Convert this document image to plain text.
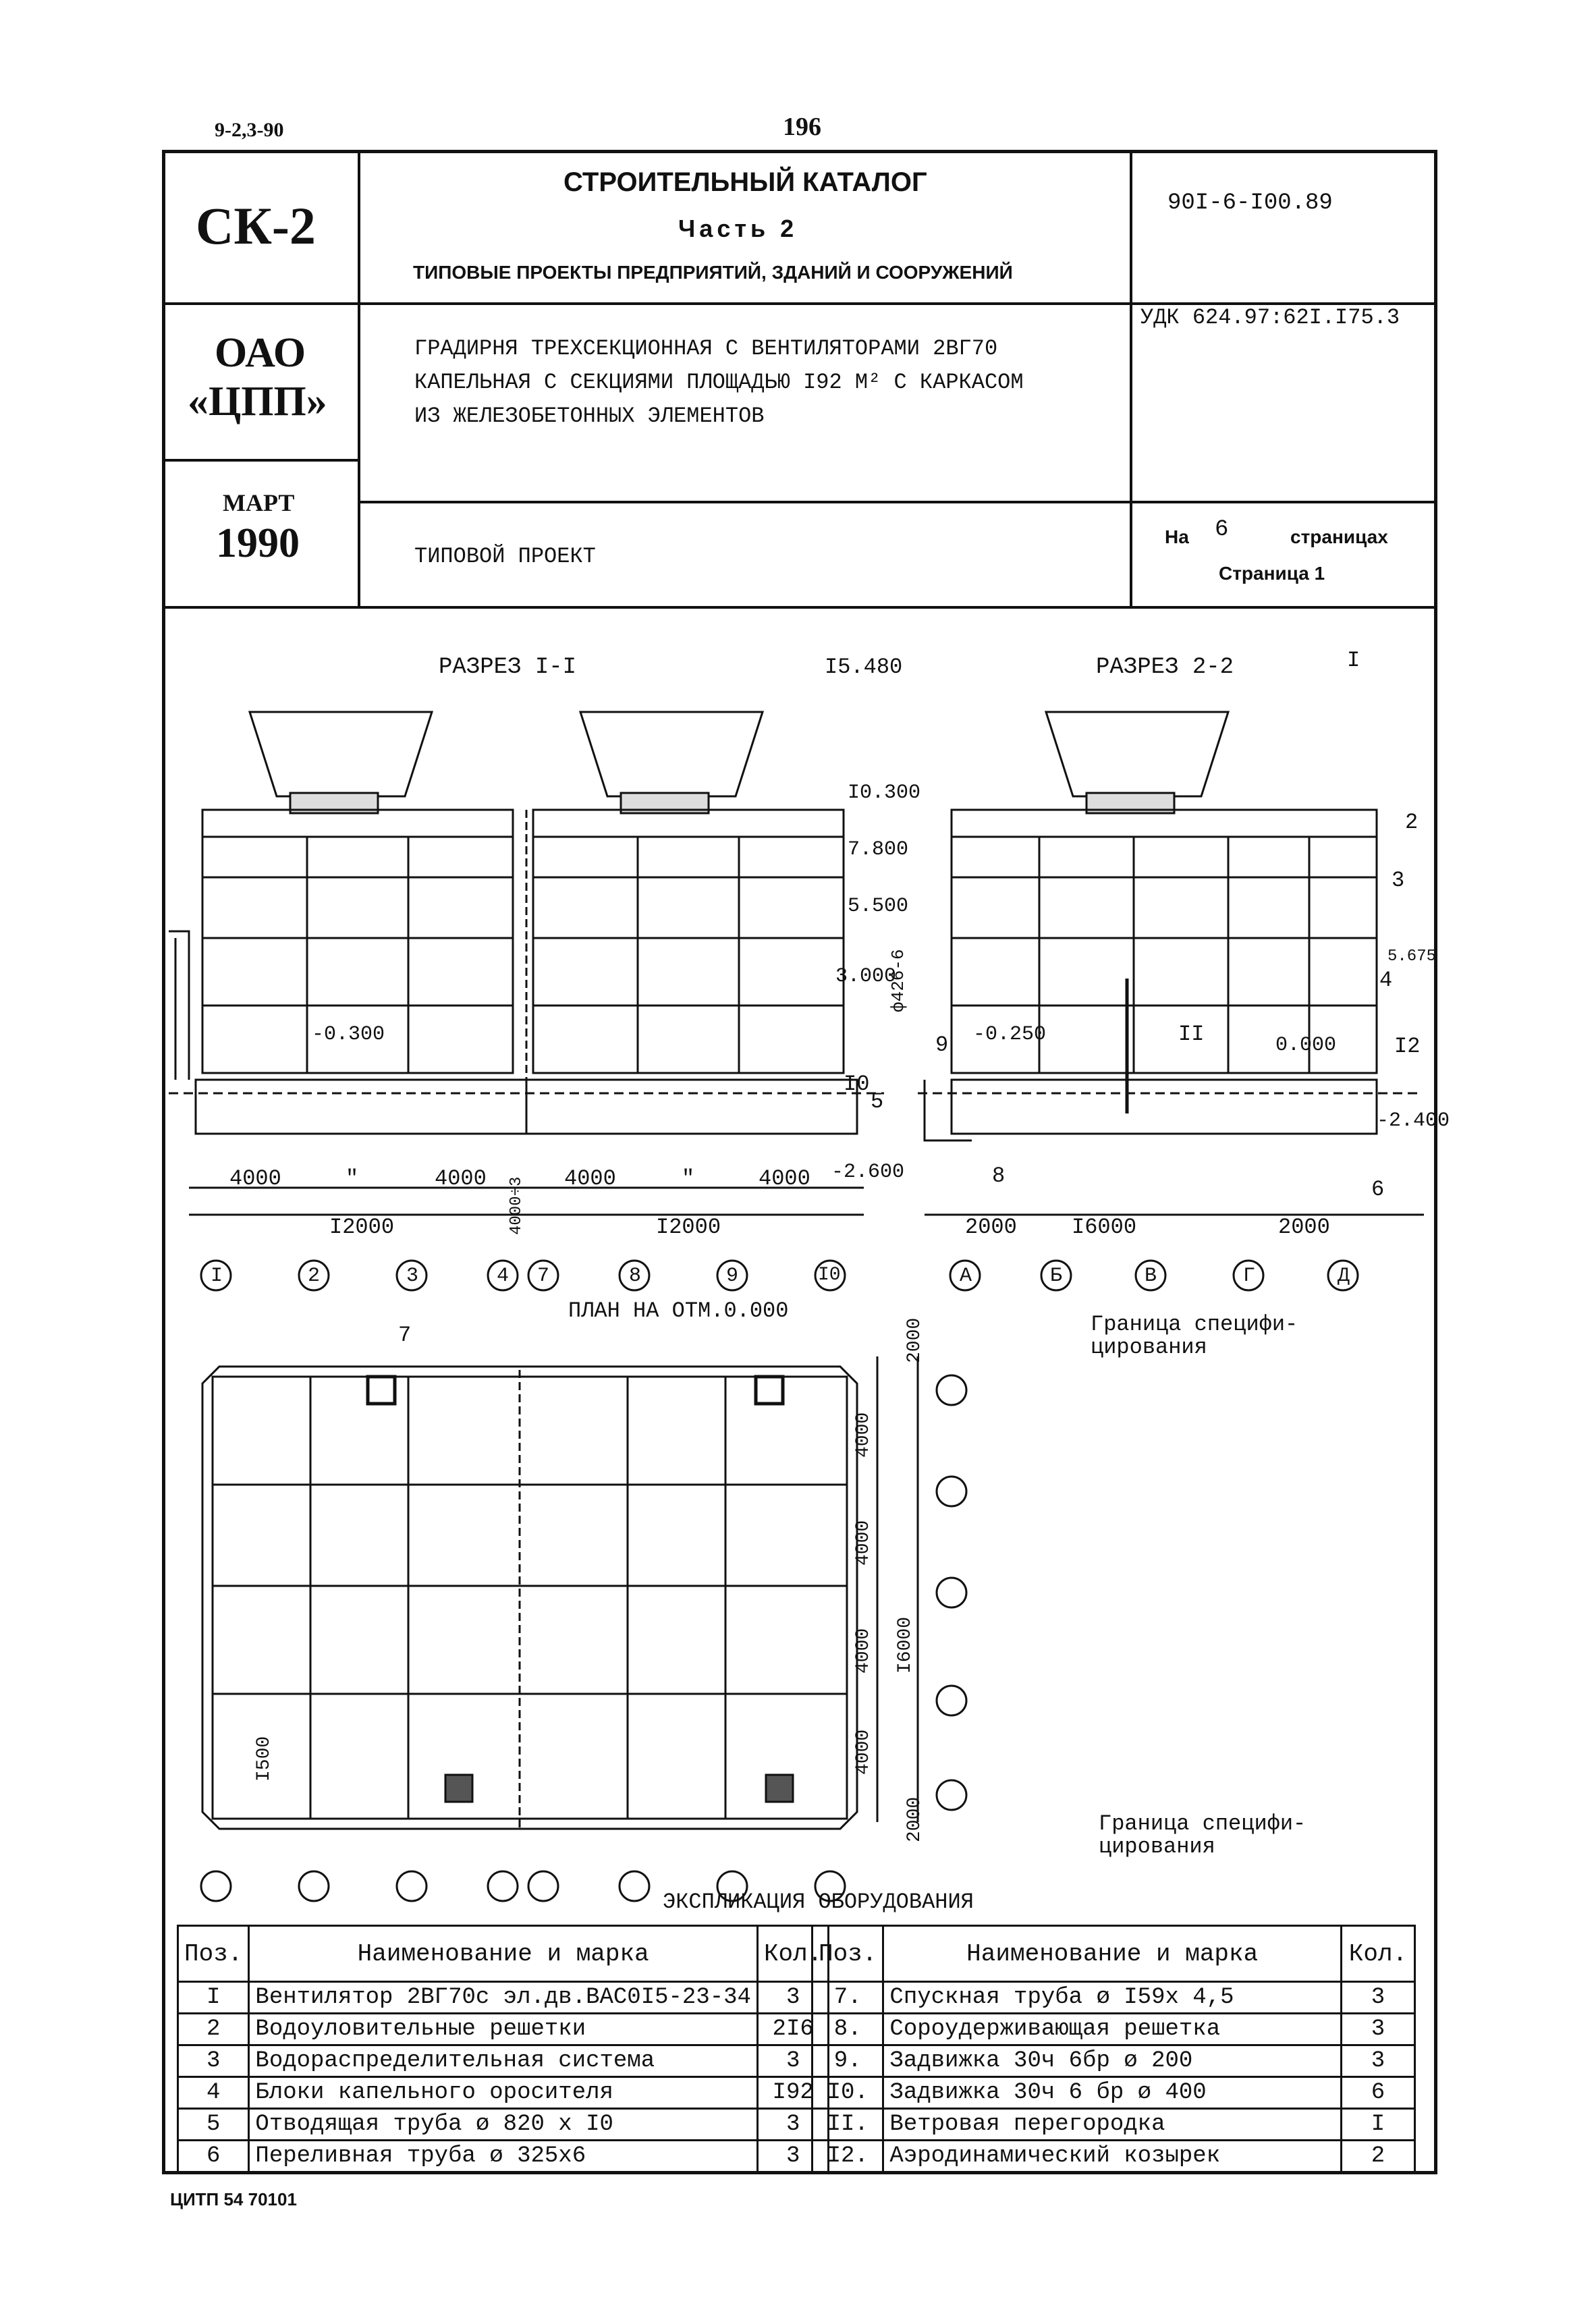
9-2,3-90	196
СК-2
ОАО
«ЦПП»
МАРТ
1990
СТРОИТЕЛЬНЫЙ КАТАЛОГ
Часть 2
ТИПОВЫЕ ПРОЕКТЫ ПРЕДПРИЯТИЙ, ЗДАНИЙ И СООРУЖЕНИЙ
ГРАДИРНЯ ТРЕХСЕКЦИОННАЯ С ВЕНТИЛЯТОРАМИ 2ВГ70
КАПЕЛЬНАЯ С СЕКЦИЯМИ ПЛОЩАДЬЮ I92 М² С КАРКАСОМ
ИЗ ЖЕЛЕЗОБЕТОННЫХ ЭЛЕМЕНТОВ
ТИПОВОЙ ПРОЕКТ
90I-6-I00.89
УДК 624.97:62I.I75.3
На 6	страницах
Страница 1
РАЗРЕЗ I-I	РАЗРЕЗ 2-2
I5.480
ПЛАН НА ОТМ.0.000
Граница специфи-
цирования
Граница специфи-
цирования
ЭКСПЛИКАЦИЯ ОБОРУДОВАНИЯ
I0.300
7.800
5.500
3.000
-0.300
-2.600
-0.250	0.000
-2.400
5.675
ф426-6
4000	"	4000	4000	"	4000
I2000	I2000
4000÷3	2000	I6000	2000
I	2	3	4 7	8	9	I0	А	Б	В	Г	Д
2000
4000
4000
4000
4000
I6000
2000
I500
I
2
3
4
5
6
7
8
9
I0
II	I2
Поз.	Наименование и марка	Кол.
I	Вентилятор 2ВГ70с эл.дв.ВАС0I5-23-34	3
2	Водоуловительные решетки	2I6
3	Водораспределительная система	3
4	Блоки капельного оросителя	I92
5	Отводящая труба ø 820 х I0	3
6	Переливная труба ø 325х6	3
Поз.	Наименование и марка	Кол.
7.	Спускная труба ø I59х 4,5	3
8.	Сороудерживающая решетка	3
9.	Задвижка 30ч 6бр ø 200	3
I0.	Задвижка 30ч 6 бр ø 400	6
II.	Ветровая перегородка	I
I2.	Аэродинамический козырек	2
ЦИТП 54 70101
